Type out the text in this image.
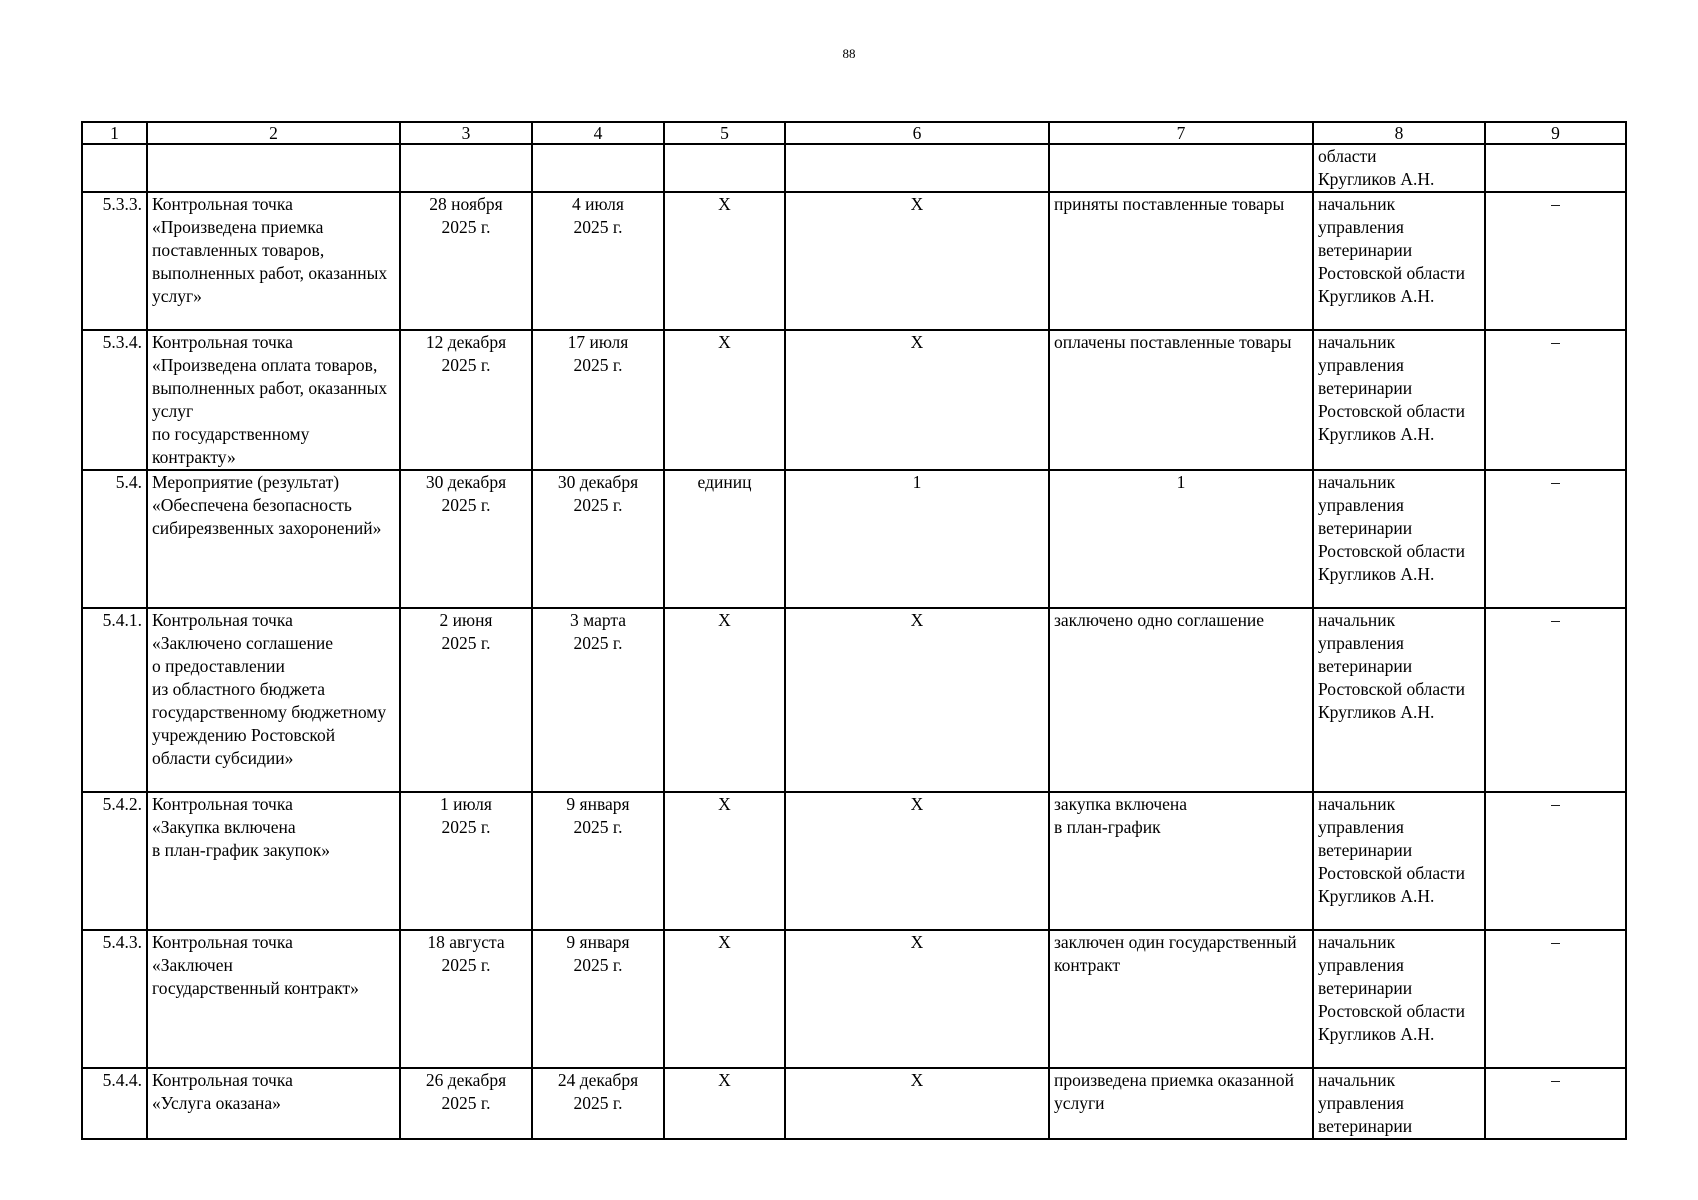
88
1	2	3	4	5	6	7	8	9
							области
Кругликов А.Н.	
5.3.3.	Контрольная точка
«Произведена приемка поставленных товаров, выполненных работ, оказанных услуг»	28 ноября
2025 г.	4 июля
2025 г.	X	X	приняты поставленные товары	начальник
управления ветеринарии Ростовской области
Кругликов А.Н.	–
5.3.4.	Контрольная точка
«Произведена оплата товаров, выполненных работ, оказанных услуг
по государственному контракту»	12 декабря
2025 г.	17 июля
2025 г.	X	X	оплачены поставленные товары	начальник
управления ветеринарии Ростовской области
Кругликов А.Н.	–
5.4.	Мероприятие (результат)
«Обеспечена безопасность сибиреязвенных захоронений»	30 декабря
2025 г.	30 декабря
2025 г.	единиц	1	1	начальник
управления ветеринарии Ростовской области
Кругликов А.Н.	–
5.4.1.	Контрольная точка
«Заключено соглашение
о предоставлении
из областного бюджета государственному бюджетному учреждению Ростовской области субсидии»	2 июня
2025 г.	3 марта
2025 г.	X	X	заключено одно соглашение	начальник
управления ветеринарии Ростовской области
Кругликов А.Н.	–
5.4.2.	Контрольная точка
«Закупка включена
в план-график закупок»	1 июля
2025 г.	9 января
2025 г.	X	X	закупка включена
в план-график	начальник
управления ветеринарии Ростовской области
Кругликов А.Н.	–
5.4.3.	Контрольная точка
«Заключен
государственный контракт»	18 августа
2025 г.	9 января
2025 г.	X	X	заключен один государственный контракт	начальник
управления ветеринарии Ростовской области
Кругликов А.Н.	–
5.4.4.	Контрольная точка
«Услуга оказана»	26 декабря
2025 г.	24 декабря
2025 г.	X	X	произведена приемка оказанной услуги	начальник
управления ветеринарии	–
